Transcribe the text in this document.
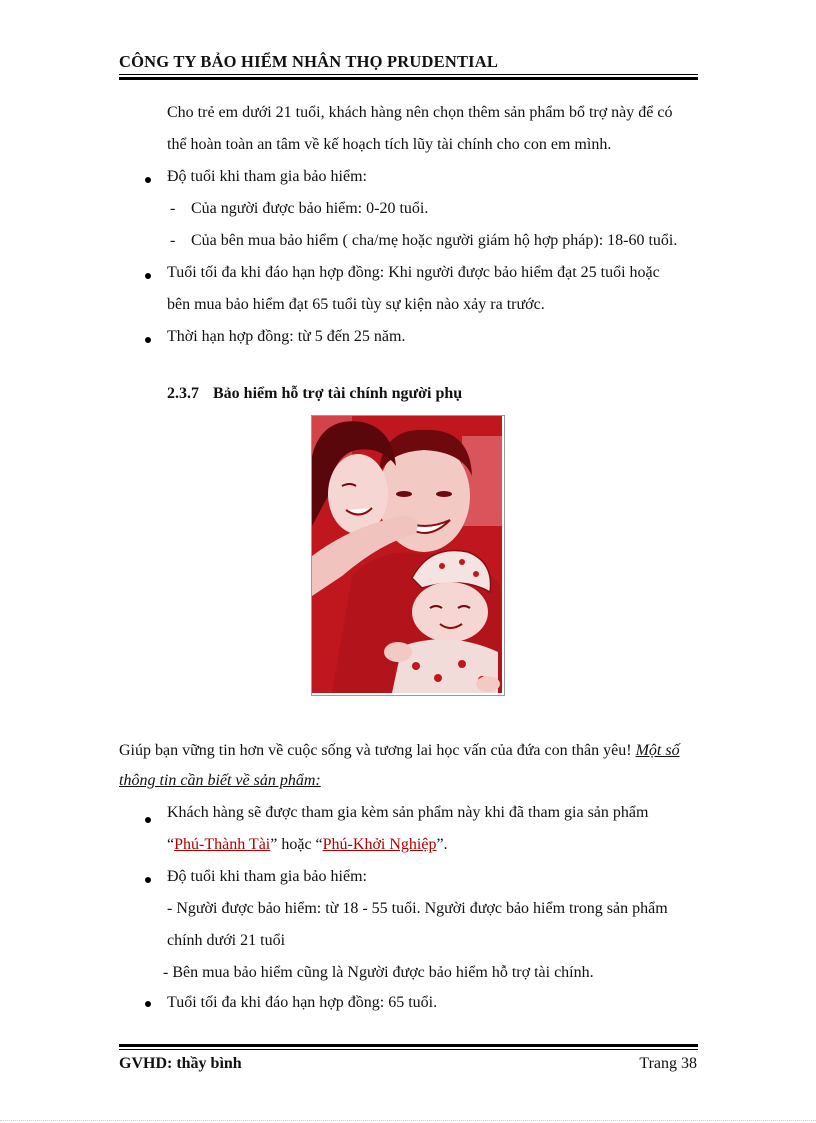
CÔNG TY BẢO HIỂM NHÂN THỌ PRUDENTIAL
Cho trẻ em dưới 21 tuổi, khách hàng nên chọn thêm sản phẩm bổ trợ này để có
thể hoàn toàn an tâm về kế hoạch tích lũy tài chính cho con em mình.
Độ tuổi khi tham gia bảo hiểm:
- Của người được bảo hiểm: 0-20 tuổi.
- Của bên mua bảo hiểm ( cha/mẹ hoặc người giám hộ hợp pháp): 18-60 tuổi.
Tuổi tối đa khi đáo hạn hợp đồng: Khi người được bảo hiểm đạt 25 tuổi hoặc
bên mua bảo hiểm đạt 65 tuổi tùy sự kiện nào xảy ra trước.
Thời hạn hợp đồng: từ 5 đến 25 năm.
2.3.7 Bảo hiểm hỗ trợ tài chính người phụ
Giúp bạn vững tin hơn về cuộc sống và tương lai học vấn của đứa con thân yêu! Một số
thông tin cần biết về sản phẩm:
Khách hàng sẽ được tham gia kèm sản phẩm này khi đã tham gia sản phẩm
“Phú-Thành Tài” hoặc “Phú-Khởi Nghiệp”.
Độ tuổi khi tham gia bảo hiểm:
- Người được bảo hiểm: từ 18 - 55 tuổi. Người được bảo hiểm trong sản phẩm
chính dưới 21 tuổi
- Bên mua bảo hiểm cũng là Người được bảo hiểm hỗ trợ tài chính.
Tuổi tối đa khi đáo hạn hợp đồng: 65 tuổi.
GVHD: thầy bình	Trang 38
